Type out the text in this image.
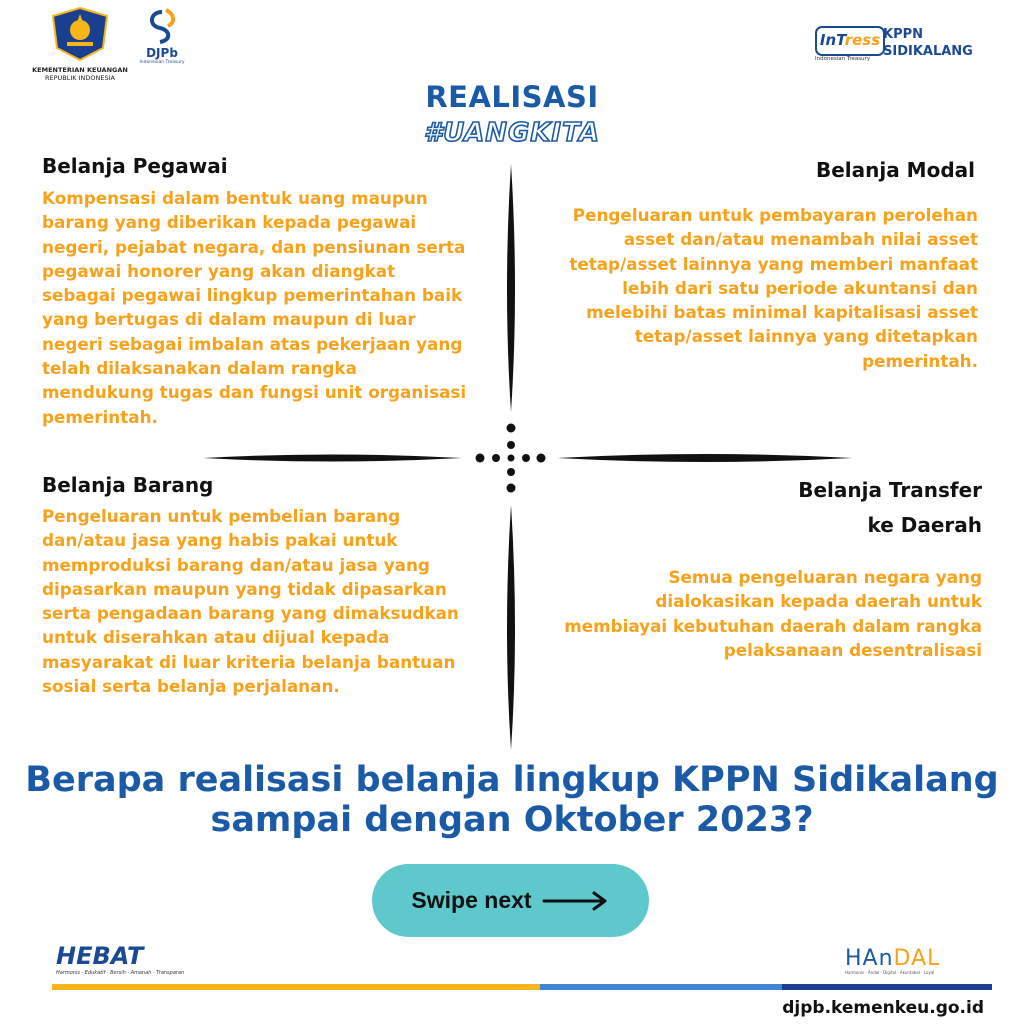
KEMENTERIAN KEUANGAN
REPUBLIK INDONESIA
DJPb
Indonesian Treasury
InTress
Indonesian Treasury
KPPN
SIDIKALANG
REALISASI
#UANGKITA
Belanja Pegawai
Kompensasi dalam bentuk uang maupun
barang yang diberikan kepada pegawai
negeri, pejabat negara, dan pensiunan serta
pegawai honorer yang akan diangkat
sebagai pegawai lingkup pemerintahan baik
yang bertugas di dalam maupun di luar
negeri sebagai imbalan atas pekerjaan yang
telah dilaksanakan dalam rangka
mendukung tugas dan fungsi unit organisasi
pemerintah.
Belanja Modal
Pengeluaran untuk pembayaran perolehan
asset dan/atau menambah nilai asset
tetap/asset lainnya yang memberi manfaat
lebih dari satu periode akuntansi dan
melebihi batas minimal kapitalisasi asset
tetap/asset lainnya yang ditetapkan
pemerintah.
Belanja Barang
Pengeluaran untuk pembelian barang
dan/atau jasa yang habis pakai untuk
memproduksi barang dan/atau jasa yang
dipasarkan maupun yang tidak dipasarkan
serta pengadaan barang yang dimaksudkan
untuk diserahkan atau dijual kepada
masyarakat di luar kriteria belanja bantuan
sosial serta belanja perjalanan.
Belanja Transfer
ke Daerah
Semua pengeluaran negara yang
dialokasikan kepada daerah untuk
membiayai kebutuhan daerah dalam rangka
pelaksanaan desentralisasi
Berapa realisasi belanja lingkup KPPN Sidikalang
sampai dengan Oktober 2023?
Swipe next
HEBAT
Harmonis · Edukatif · Bersih · Amanah · Transparan
HAnDAL
Harmonis · Andal · Digital · Akuntabel · Loyal
djpb.kemenkeu.go.id
